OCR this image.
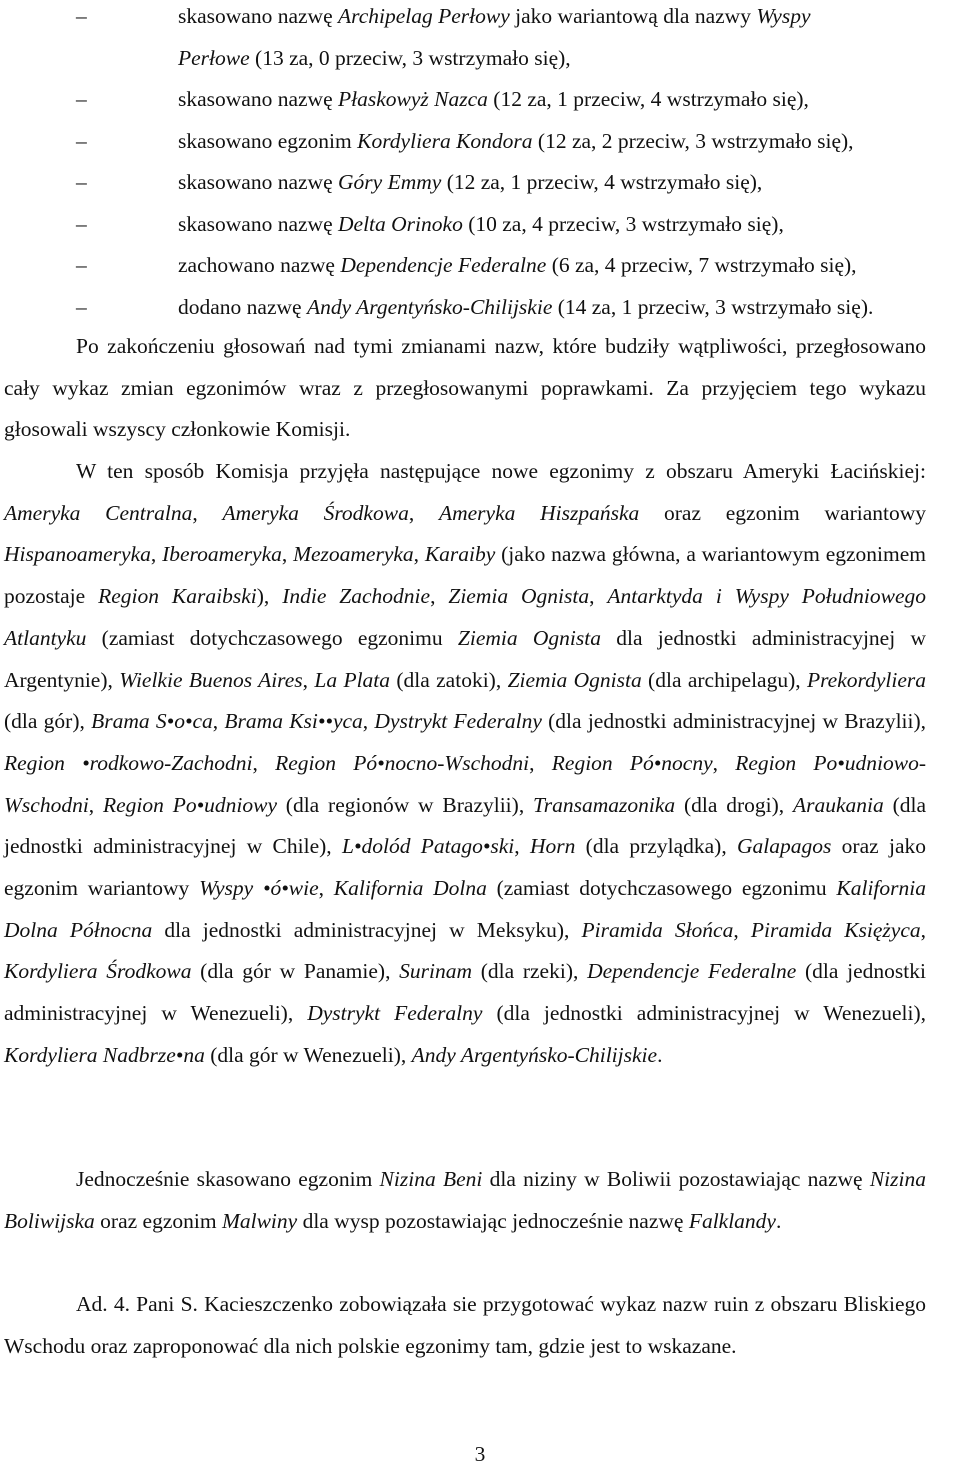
–	skasowano nazwę Archipelag Perłowy jako wariantową dla nazwy Wyspy
Perłowe (13 za, 0 przeciw, 3 wstrzymało się),
–	skasowano nazwę Płaskowyż Nazca (12 za, 1 przeciw, 4 wstrzymało się),
–	skasowano egzonim Kordyliera Kondora (12 za, 2 przeciw, 3 wstrzymało się),
–	skasowano nazwę Góry Emmy (12 za, 1 przeciw, 4 wstrzymało się),
–	skasowano nazwę Delta Orinoko (10 za, 4 przeciw, 3 wstrzymało się),
–	zachowano nazwę Dependencje Federalne (6 za, 4 przeciw, 7 wstrzymało się),
–	dodano nazwę Andy Argentyńsko-Chilijskie (14 za, 1 przeciw, 3 wstrzymało się).

Po zakończeniu głosowań nad tymi zmianami nazw, które budziły wątpliwości, przegłosowano cały wykaz zmian egzonimów wraz z przegłosowanymi poprawkami. Za przyjęciem tego wykazu głosowali wszyscy członkowie Komisji.

W ten sposób Komisja przyjęła następujące nowe egzonimy z obszaru Ameryki Łacińskiej: Ameryka Centralna, Ameryka Środkowa, Ameryka Hiszpańska oraz egzonim wariantowy Hispanoameryka, Iberoameryka, Mezoameryka, Karaiby (jako nazwa główna, a wariantowym egzonimem pozostaje Region Karaibski), Indie Zachodnie, Ziemia Ognista, Antarktyda i Wyspy Południowego Atlantyku (zamiast dotychczasowego egzonimu Ziemia Ognista dla jednostki administracyjnej w Argentynie), Wielkie Buenos Aires, La Plata (dla zatoki), Ziemia Ognista (dla archipelagu), Prekordyliera (dla gór), Brama S•o•ca, Brama Ksi••yca, Dystrykt Federalny (dla jednostki administracyjnej w Brazylii), Region •rodkowo-Zachodni, Region Pó•nocno-Wschodni, Region Pó•nocny, Region Po•udniowo-Wschodni, Region Po•udniowy (dla regionów w Brazylii), Transamazonika (dla drogi), Araukania (dla jednostki administracyjnej w Chile), L•dolód Patago•ski, Horn (dla przylądka), Galapagos oraz jako egzonim wariantowy Wyspy •ó•wie, Kalifornia Dolna (zamiast dotychczasowego egzonimu Kalifornia Dolna Północna dla jednostki administracyjnej w Meksyku), Piramida Słońca, Piramida Księżyca, Kordyliera Środkowa (dla gór w Panamie), Surinam (dla rzeki), Dependencje Federalne (dla jednostki administracyjnej w Wenezueli), Dystrykt Federalny (dla jednostki administracyjnej w Wenezueli), Kordyliera Nadbrze•na (dla gór w Wenezueli), Andy Argentyńsko-Chilijskie.

Jednocześnie skasowano egzonim Nizina Beni dla niziny w Boliwii pozostawiając nazwę Nizina Boliwijska oraz egzonim Malwiny dla wysp pozostawiając jednocześnie nazwę Falklandy.

Ad. 4. Pani S. Kacieszczenko zobowiązała sie przygotować wykaz nazw ruin z obszaru Bliskiego Wschodu oraz zaproponować dla nich polskie egzonimy tam, gdzie jest to wskazane.

3
